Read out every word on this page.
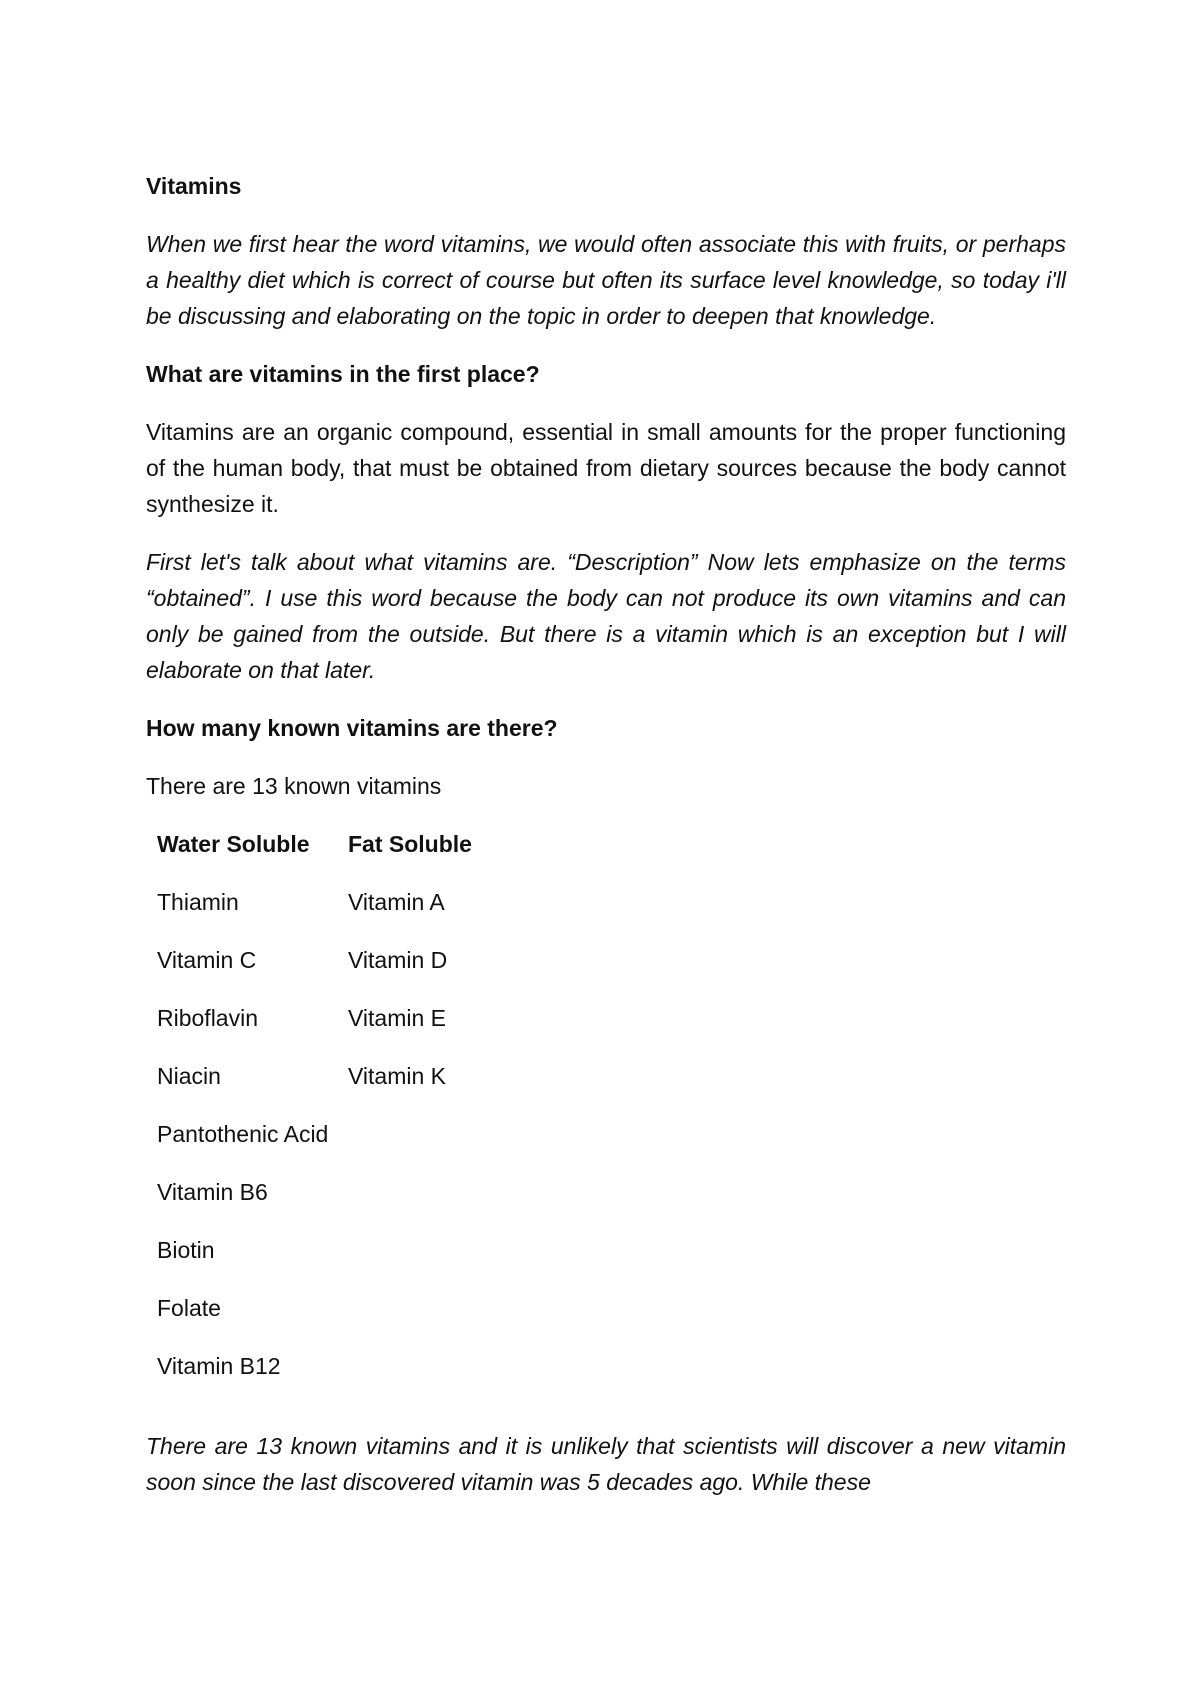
Vitamins
When we first hear the word vitamins, we would often associate this with fruits, or perhaps a healthy diet which is correct of course but often its surface level knowledge, so today i'll be discussing and elaborating on the topic in order to deepen that knowledge.
What are vitamins in the first place?
Vitamins are an organic compound, essential in small amounts for the proper functioning of the human body, that must be obtained from dietary sources because the body cannot synthesize it.
First let's talk about what vitamins are. “Description” Now lets emphasize on the terms “obtained”. I use this word because the body can not produce its own vitamins and can only be gained from the outside. But there is a vitamin which is an exception but I will elaborate on that later.
How many known vitamins are there?
There are 13 known vitamins
Water Soluble	Fat Soluble
Thiamin	Vitamin A
Vitamin C	Vitamin D
Riboflavin	Vitamin E
Niacin	Vitamin K
Pantothenic Acid	
Vitamin B6	
Biotin	
Folate	
Vitamin B12	
There are 13 known vitamins and it is unlikely that scientists will discover a new vitamin soon since the last discovered vitamin was 5 decades ago. While these
